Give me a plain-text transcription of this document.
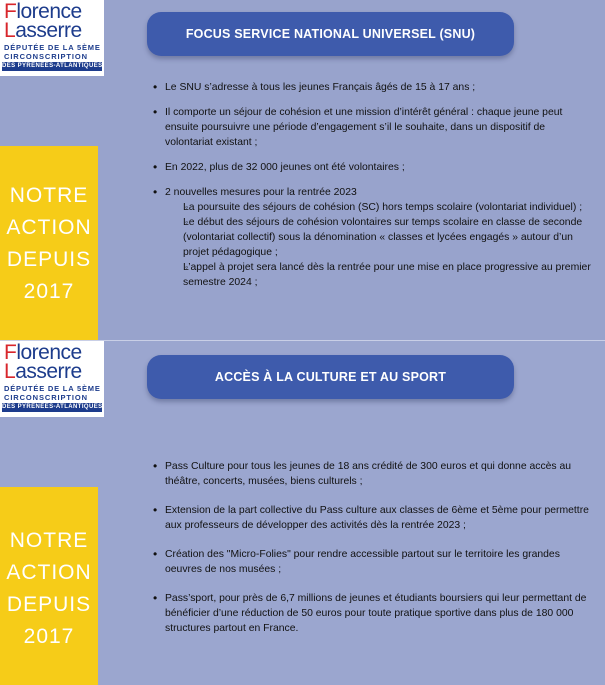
Florence
Lasserre
DÉPUTÉE DE LA 5ÈME
CIRCONSCRIPTION
DES PYRÉNÉES-ATLANTIQUES
NOTRE
ACTION
DEPUIS
2017
FOCUS SERVICE NATIONAL UNIVERSEL (SNU)
• Le SNU s’adresse à tous les jeunes Français âgés de 15 à 17 ans ;
• Il comporte un séjour de cohésion et une mission d’intérêt général : chaque jeune peut ensuite poursuivre une période d’engagement s’il le souhaite, dans un dispositif de volontariat existant ;
• En 2022, plus de 32 000 jeunes ont été volontaires ;
• 2 nouvelles mesures pour la rentrée 2023
◦ La poursuite des séjours de cohésion (SC) hors temps scolaire (volontariat individuel) ;
◦ Le début des séjours de cohésion volontaires sur temps scolaire en classe de seconde (volontariat collectif) sous la dénomination « classes et lycées engagés » autour d’un projet pédagogique ;
◦ L’appel à projet sera lancé dès la rentrée pour une mise en place progressive au premier semestre 2024 ;
Florence
Lasserre
DÉPUTÉE DE LA 5ÈME
CIRCONSCRIPTION
DES PYRÉNÉES-ATLANTIQUES
NOTRE
ACTION
DEPUIS
2017
ACCÈS À LA CULTURE ET AU SPORT
• Pass Culture pour tous les jeunes de 18 ans crédité de 300 euros et qui donne accès au théâtre, concerts, musées, biens culturels ;
• Extension de la part collective du Pass culture aux classes de 6ème et 5ème pour permettre aux professeurs de développer des activités dès la rentrée 2023 ;
• Création des "Micro-Folies" pour rendre accessible partout sur le territoire les grandes oeuvres de nos musées ;
• Pass’sport, pour près de 6,7 millions de jeunes et étudiants boursiers qui leur permettant de bénéficier d’une réduction de 50 euros pour toute pratique sportive dans plus de 180 000 structures partout en France.
